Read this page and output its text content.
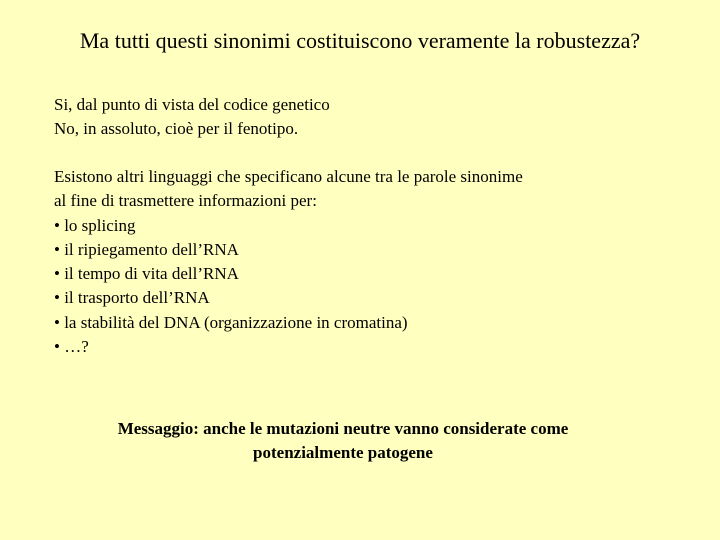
Ma tutti questi sinonimi costituiscono veramente la robustezza?
Si, dal punto di vista del codice genetico
No, in assoluto, cioè per il fenotipo.
Esistono altri linguaggi che specificano alcune tra le parole sinonime
al fine di trasmettere informazioni per:
• lo splicing
• il ripiegamento dell’RNA
• il tempo di vita dell’RNA
• il trasporto dell’RNA
• la stabilità del DNA (organizzazione in cromatina)
• …?
Messaggio: anche le mutazioni neutre vanno considerate come
potenzialmente patogene
